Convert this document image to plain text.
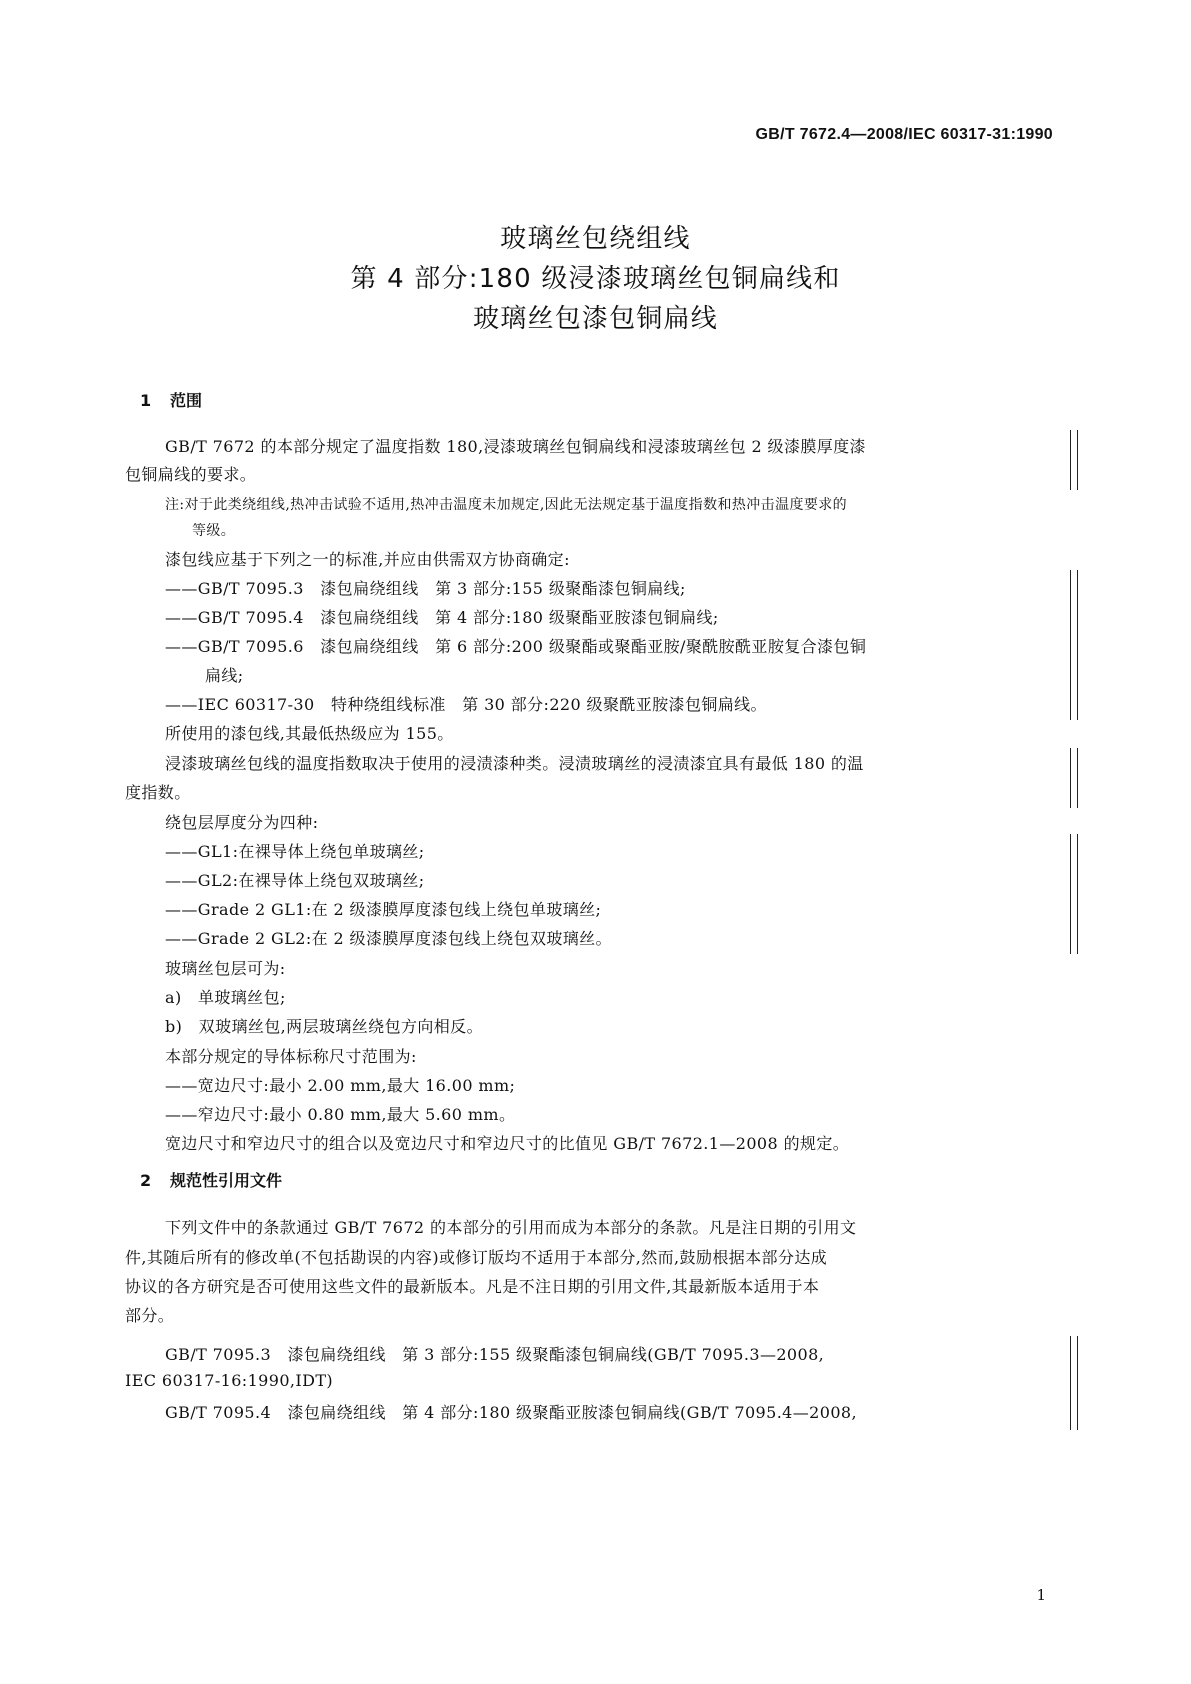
GB/T 7672.4—2008/IEC 60317-31:1990
玻璃丝包绕组线
第 4 部分:180 级浸漆玻璃丝包铜扁线和
玻璃丝包漆包铜扁线
1 范围
GB/T 7672 的本部分规定了温度指数 180,浸漆玻璃丝包铜扁线和浸漆玻璃丝包 2 级漆膜厚度漆
包铜扁线的要求。
注:对于此类绕组线,热冲击试验不适用,热冲击温度未加规定,因此无法规定基于温度指数和热冲击温度要求的
等级。
漆包线应基于下列之一的标准,并应由供需双方协商确定:
——GB/T 7095.3　漆包扁绕组线　第 3 部分:155 级聚酯漆包铜扁线;
——GB/T 7095.4　漆包扁绕组线　第 4 部分:180 级聚酯亚胺漆包铜扁线;
——GB/T 7095.6　漆包扁绕组线　第 6 部分:200 级聚酯或聚酯亚胺/聚酰胺酰亚胺复合漆包铜
扁线;
——IEC 60317-30　特种绕组线标准　第 30 部分:220 级聚酰亚胺漆包铜扁线。
所使用的漆包线,其最低热级应为 155。
浸漆玻璃丝包线的温度指数取决于使用的浸渍漆种类。浸渍玻璃丝的浸渍漆宜具有最低 180 的温
度指数。
绕包层厚度分为四种:
——GL1:在裸导体上绕包单玻璃丝;
——GL2:在裸导体上绕包双玻璃丝;
——Grade 2 GL1:在 2 级漆膜厚度漆包线上绕包单玻璃丝;
——Grade 2 GL2:在 2 级漆膜厚度漆包线上绕包双玻璃丝。
玻璃丝包层可为:
a)　单玻璃丝包;
b)　双玻璃丝包,两层玻璃丝绕包方向相反。
本部分规定的导体标称尺寸范围为:
——宽边尺寸:最小 2.00 mm,最大 16.00 mm;
——窄边尺寸:最小 0.80 mm,最大 5.60 mm。
宽边尺寸和窄边尺寸的组合以及宽边尺寸和窄边尺寸的比值见 GB/T 7672.1—2008 的规定。
2 规范性引用文件
下列文件中的条款通过 GB/T 7672 的本部分的引用而成为本部分的条款。凡是注日期的引用文
件,其随后所有的修改单(不包括勘误的内容)或修订版均不适用于本部分,然而,鼓励根据本部分达成
协议的各方研究是否可使用这些文件的最新版本。凡是不注日期的引用文件,其最新版本适用于本
部分。
GB/T 7095.3　漆包扁绕组线　第 3 部分:155 级聚酯漆包铜扁线(GB/T 7095.3—2008,
IEC 60317-16:1990,IDT)
GB/T 7095.4　漆包扁绕组线　第 4 部分:180 级聚酯亚胺漆包铜扁线(GB/T 7095.4—2008,
1
